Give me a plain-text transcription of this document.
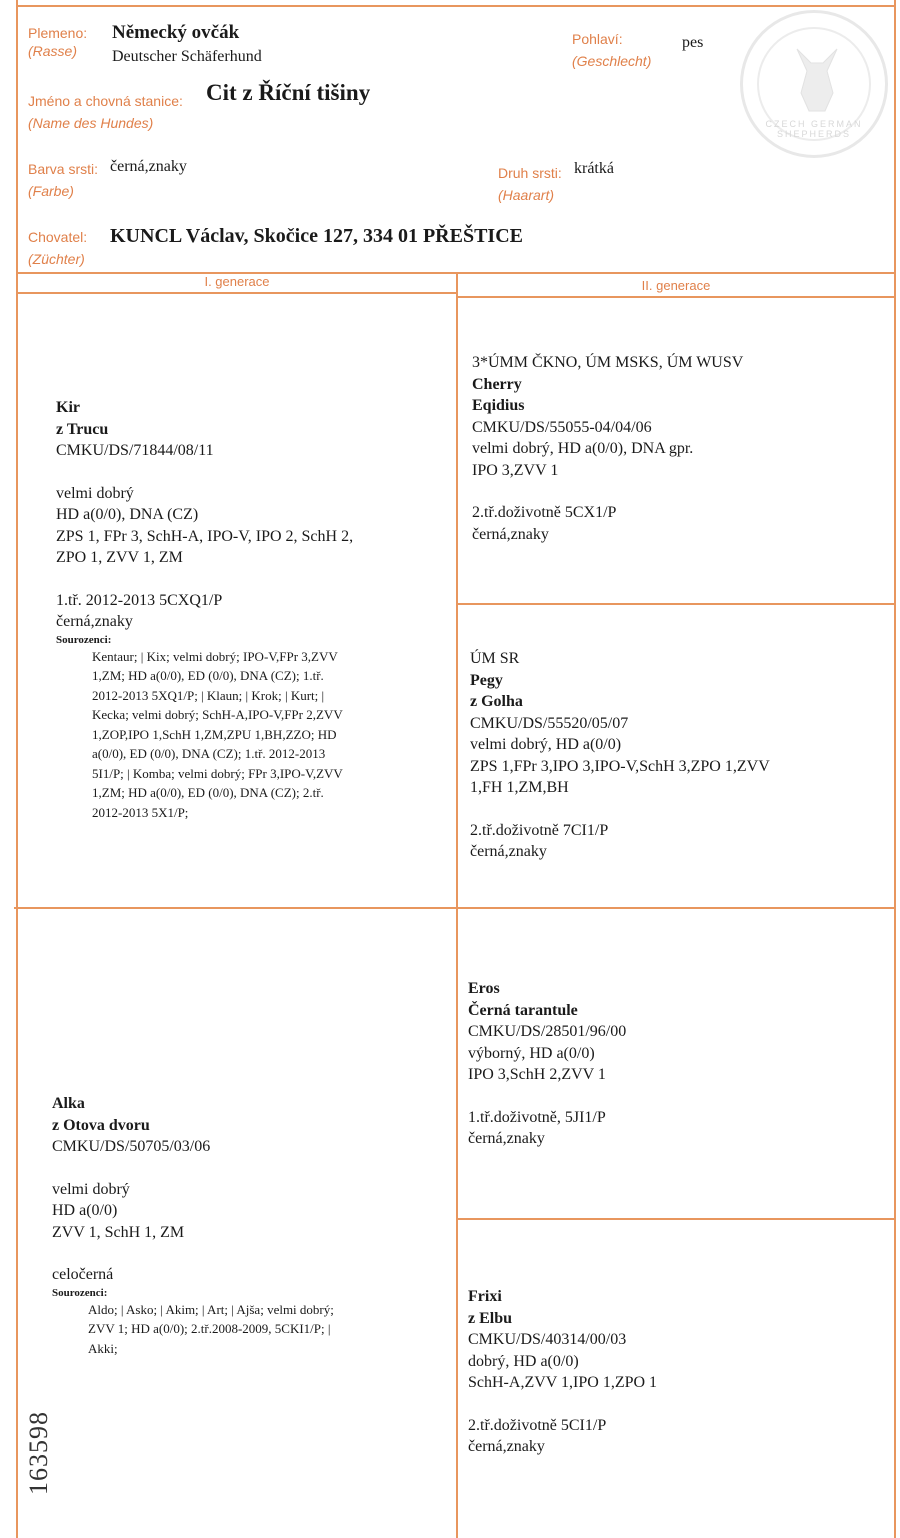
CZECH GERMAN SHEPHERDS
Plemeno:
(Rasse)
Německý ovčák
Deutscher Schäferhund
Pohlaví:
(Geschlecht)
pes
Jméno a chovná stanice:
(Name des Hundes)
Cit z Říční tišiny
Barva srsti:
(Farbe)
černá,znaky	Druh srsti:
(Haarart)
krátká
Chovatel:
(Züchter)
KUNCL Václav, Skočice 127, 334 01 PŘEŠTICE
I. generace	II. generace
Kir
z Trucu
CMKU/DS/71844/08/11
velmi dobrý
HD a(0/0), DNA (CZ)
ZPS 1, FPr 3, SchH-A, IPO-V, IPO 2, SchH 2,
ZPO 1, ZVV 1, ZM
1.tř. 2012-2013 5CXQ1/P
černá,znaky
Sourozenci:
Kentaur; | Kix; velmi dobrý; IPO-V,FPr 3,ZVV
1,ZM; HD a(0/0), ED (0/0), DNA (CZ); 1.tř.
2012-2013 5XQ1/P; | Klaun; | Krok; | Kurt; |
Kecka; velmi dobrý; SchH-A,IPO-V,FPr 2,ZVV
1,ZOP,IPO 1,SchH 1,ZM,ZPU 1,BH,ZZO; HD
a(0/0), ED (0/0), DNA (CZ); 1.tř. 2012-2013
5I1/P; | Komba; velmi dobrý; FPr 3,IPO-V,ZVV
1,ZM; HD a(0/0), ED (0/0), DNA (CZ); 2.tř.
2012-2013 5X1/P;
3*ÚMM ČKNO, ÚM MSKS, ÚM WUSV
Cherry
Eqidius
CMKU/DS/55055-04/04/06
velmi dobrý, HD a(0/0), DNA gpr.
IPO 3,ZVV 1
2.tř.doživotně 5CX1/P
černá,znaky
ÚM SR
Pegy
z Golha
CMKU/DS/55520/05/07
velmi dobrý, HD a(0/0)
ZPS 1,FPr 3,IPO 3,IPO-V,SchH 3,ZPO 1,ZVV
1,FH 1,ZM,BH
2.tř.doživotně 7CI1/P
černá,znaky
Alka
z Otova dvoru
CMKU/DS/50705/03/06
velmi dobrý
HD a(0/0)
ZVV 1, SchH 1, ZM
celočerná
Sourozenci:
Aldo; | Asko; | Akim; | Art; | Ajša; velmi dobrý;
ZVV 1; HD a(0/0); 2.tř.2008-2009, 5CKI1/P; |
Akki;
Eros
Černá tarantule
CMKU/DS/28501/96/00
výborný, HD a(0/0)
IPO 3,SchH 2,ZVV 1
1.tř.doživotně, 5JI1/P
černá,znaky
Frixi
z Elbu
CMKU/DS/40314/00/03
dobrý, HD a(0/0)
SchH-A,ZVV 1,IPO 1,ZPO 1
2.tř.doživotně 5CI1/P
černá,znaky
163598
